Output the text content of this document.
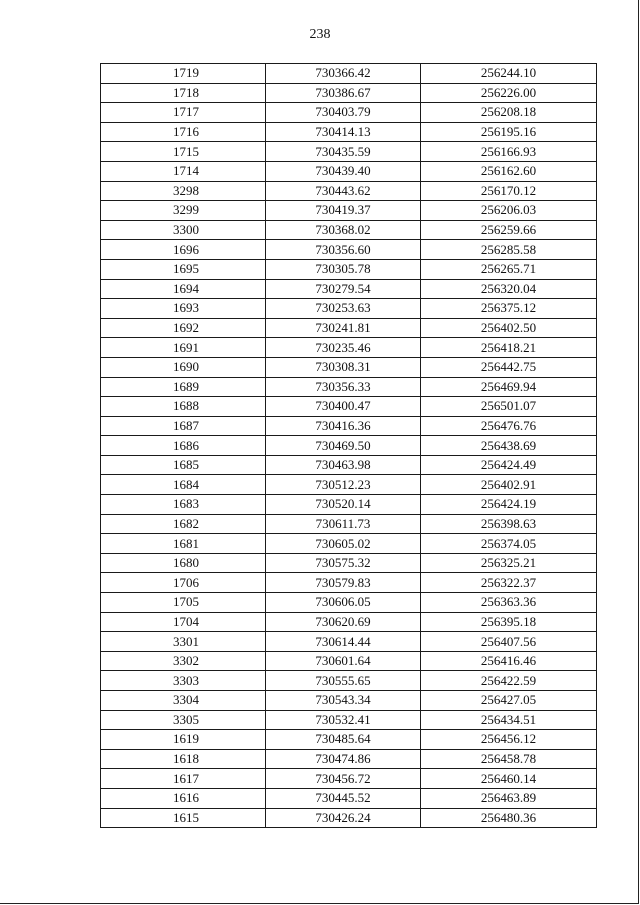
238
1719	730366.42	256244.10
1718	730386.67	256226.00
1717	730403.79	256208.18
1716	730414.13	256195.16
1715	730435.59	256166.93
1714	730439.40	256162.60
3298	730443.62	256170.12
3299	730419.37	256206.03
3300	730368.02	256259.66
1696	730356.60	256285.58
1695	730305.78	256265.71
1694	730279.54	256320.04
1693	730253.63	256375.12
1692	730241.81	256402.50
1691	730235.46	256418.21
1690	730308.31	256442.75
1689	730356.33	256469.94
1688	730400.47	256501.07
1687	730416.36	256476.76
1686	730469.50	256438.69
1685	730463.98	256424.49
1684	730512.23	256402.91
1683	730520.14	256424.19
1682	730611.73	256398.63
1681	730605.02	256374.05
1680	730575.32	256325.21
1706	730579.83	256322.37
1705	730606.05	256363.36
1704	730620.69	256395.18
3301	730614.44	256407.56
3302	730601.64	256416.46
3303	730555.65	256422.59
3304	730543.34	256427.05
3305	730532.41	256434.51
1619	730485.64	256456.12
1618	730474.86	256458.78
1617	730456.72	256460.14
1616	730445.52	256463.89
1615	730426.24	256480.36
